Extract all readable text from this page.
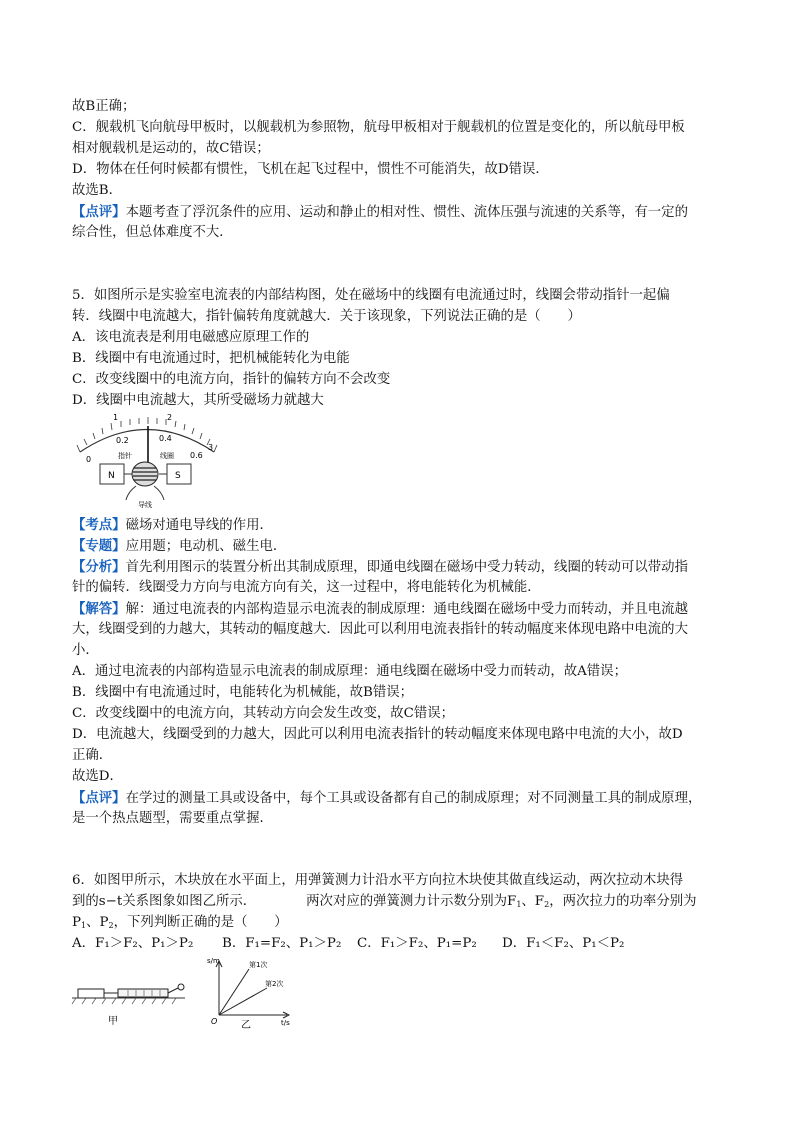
故B正确；
C．舰载机飞向航母甲板时，以舰载机为参照物，航母甲板相对于舰载机的位置是变化的，所以航母甲板
相对舰载机是运动的，故C错误；
D．物体在任何时候都有惯性，飞机在起飞过程中，惯性不可能消失，故D错误．
故选B．
【点评】本题考查了浮沉条件的应用、运动和静止的相对性、惯性、流体压强与流速的关系等，有一定的
综合性，但总体难度不大．
5．如图所示是实验室电流表的内部结构图，处在磁场中的线圈有电流通过时，线圈会带动指针一起偏
转．线圈中电流越大，指针偏转角度就越大．关于该现象，下列说法正确的是（　　）
A．该电流表是利用电磁感应原理工作的
B．线圈中有电流通过时，把机械能转化为电能
C．改变线圈中的电流方向，指针的偏转方向不会改变
D．线圈中电流越大，其所受磁场力就越大
1	2
0.2	0.4
0
3
0.6
指针	线圈
N	S
导线
【考点】磁场对通电导线的作用．
【专题】应用题；电动机、磁生电．
【分析】首先利用图示的装置分析出其制成原理，即通电线圈在磁场中受力转动，线圈的转动可以带动指
针的偏转．线圈受力方向与电流方向有关，这一过程中，将电能转化为机械能．
【解答】解：通过电流表的内部构造显示电流表的制成原理：通电线圈在磁场中受力而转动，并且电流越
大，线圈受到的力越大，其转动的幅度越大．因此可以利用电流表指针的转动幅度来体现电路中电流的大
小．
A．通过电流表的内部构造显示电流表的制成原理：通电线圈在磁场中受力而转动，故A错误；
B．线圈中有电流通过时，电能转化为机械能，故B错误；
C．改变线圈中的电流方向，其转动方向会发生改变，故C错误；
D．电流越大，线圈受到的力越大，因此可以利用电流表指针的转动幅度来体现电路中电流的大小，故D
正确．
故选D．
【点评】在学过的测量工具或设备中，每个工具或设备都有自己的制成原理；对不同测量工具的制成原理，
是一个热点题型，需要重点掌握．
6．如图甲所示，木块放在水平面上，用弹簧测力计沿水平方向拉木块使其做直线运动，两次拉动木块得
到的s−t关系图象如图乙所示．	两次对应的弹簧测力计示数分别为$F_1$、$F_2$，两次拉力的功率分别为
$P_1$、$P_2$，下列判断正确的是（　　）
A．F₁＞F₂、P₁＞P₂ B．F₁=F₂、P₁＞P₂ C．F₁＞F₂、P₁=P₂ D．F₁＜F₂、P₁＜P₂
甲
s/m
t/s
O
第1次
第2次
乙
